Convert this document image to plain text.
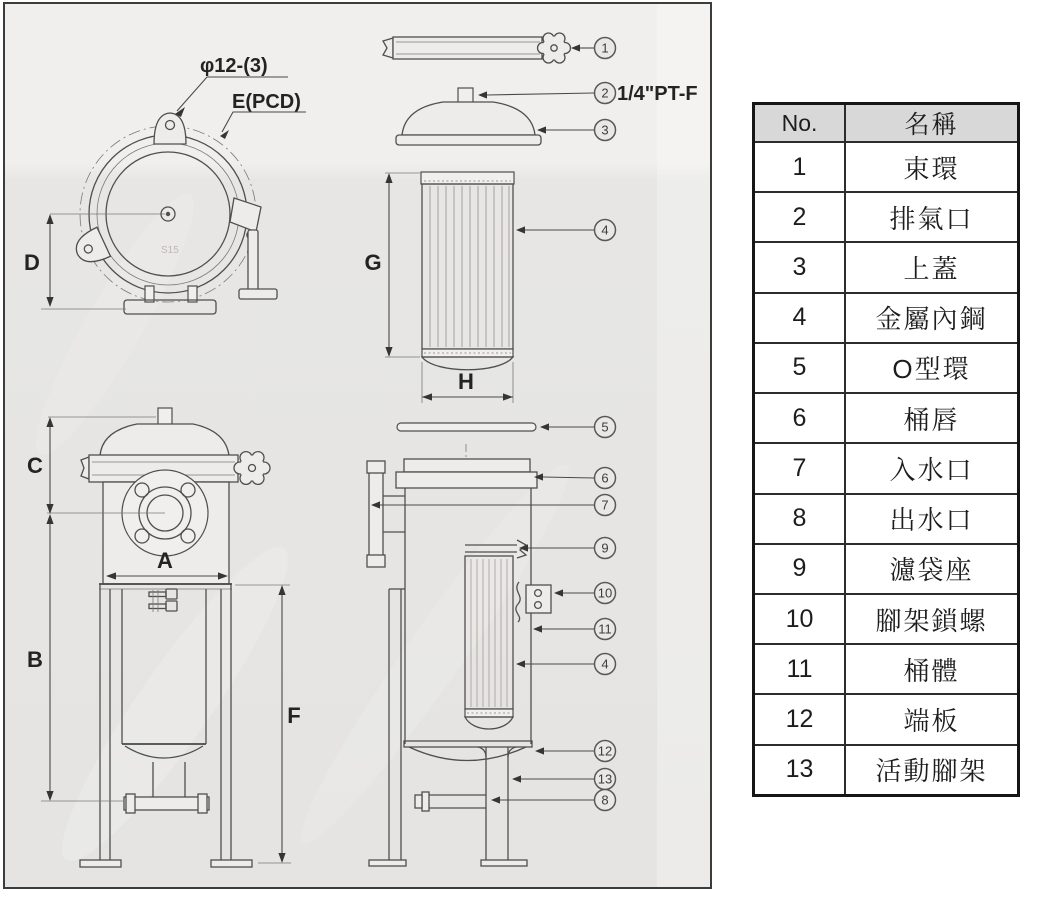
S15
φ12-(3)
E(PCD)
D
1
2 1/4"PT-F
3
G
H
4
5
C
B
A
F
6
7
9
10
11
4
12
13
8
No.	名稱
1	束環
2	排氣口
3	上蓋
4	金屬內鋼
5	O型環
6	桶唇
7	入水口
8	出水口
9	濾袋座
10	腳架鎖螺
11	桶體
12	端板
13	活動腳架
